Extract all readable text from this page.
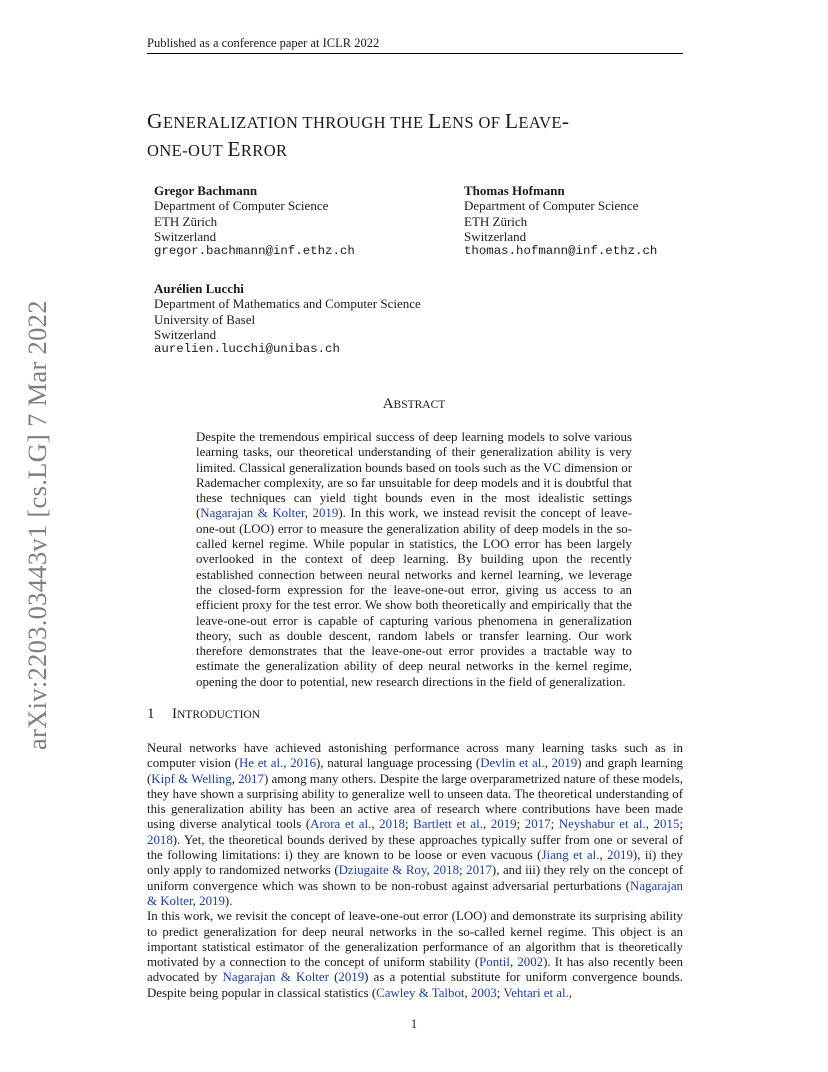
Published as a conference paper at ICLR 2022
arXiv:2203.03443v1 [cs.LG] 7 Mar 2022
GENERALIZATION THROUGH THE LENS OF LEAVE-
ONE-OUT ERROR
Gregor Bachmann
Department of Computer Science
ETH Zürich
Switzerland
gregor.bachmann@inf.ethz.ch
Thomas Hofmann
Department of Computer Science
ETH Zürich
Switzerland
thomas.hofmann@inf.ethz.ch
Aurélien Lucchi
Department of Mathematics and Computer Science
University of Basel
Switzerland
aurelien.lucchi@unibas.ch
ABSTRACT

Despite the tremendous empirical success of deep learning models to solve various learning tasks, our theoretical understanding of their generalization ability is very limited. Classical generalization bounds based on tools such as the VC dimension or Rademacher complexity, are so far unsuitable for deep models and it is doubtful that these techniques can yield tight bounds even in the most idealistic settings (Nagarajan & Kolter, 2019). In this work, we instead revisit the concept of leave-one-out (LOO) error to measure the generalization ability of deep models in the so-called kernel regime. While popular in statistics, the LOO error has been largely overlooked in the context of deep learning. By building upon the recently established connection between neural networks and kernel learning, we leverage the closed-form expression for the leave-one-out error, giving us access to an efficient proxy for the test error. We show both theoretically and empirically that the leave-one-out error is capable of capturing various phenomena in generalization theory, such as double descent, random labels or transfer learning. Our work therefore demonstrates that the leave-one-out error provides a tractable way to estimate the generalization ability of deep neural networks in the kernel regime, opening the door to potential, new research directions in the field of generalization.

1 INTRODUCTION

Neural networks have achieved astonishing performance across many learning tasks such as in computer vision (He et al., 2016), natural language processing (Devlin et al., 2019) and graph learning (Kipf & Welling, 2017) among many others. Despite the large overparametrized nature of these models, they have shown a surprising ability to generalize well to unseen data. The theoretical understanding of this generalization ability has been an active area of research where contributions have been made using diverse analytical tools (Arora et al., 2018; Bartlett et al., 2019; 2017; Neyshabur et al., 2015; 2018). Yet, the theoretical bounds derived by these approaches typically suffer from one or several of the following limitations: i) they are known to be loose or even vacuous (Jiang et al., 2019), ii) they only apply to randomized networks (Dziugaite & Roy, 2018; 2017), and iii) they rely on the concept of uniform convergence which was shown to be non-robust against adversarial perturbations (Nagarajan & Kolter, 2019).

In this work, we revisit the concept of leave-one-out error (LOO) and demonstrate its surprising ability to predict generalization for deep neural networks in the so-called kernel regime. This object is an important statistical estimator of the generalization performance of an algorithm that is theoretically motivated by a connection to the concept of uniform stability (Pontil, 2002). It has also recently been advocated by Nagarajan & Kolter (2019) as a potential substitute for uniform convergence bounds. Despite being popular in classical statistics (Cawley & Talbot, 2003; Vehtari et al.,

1
